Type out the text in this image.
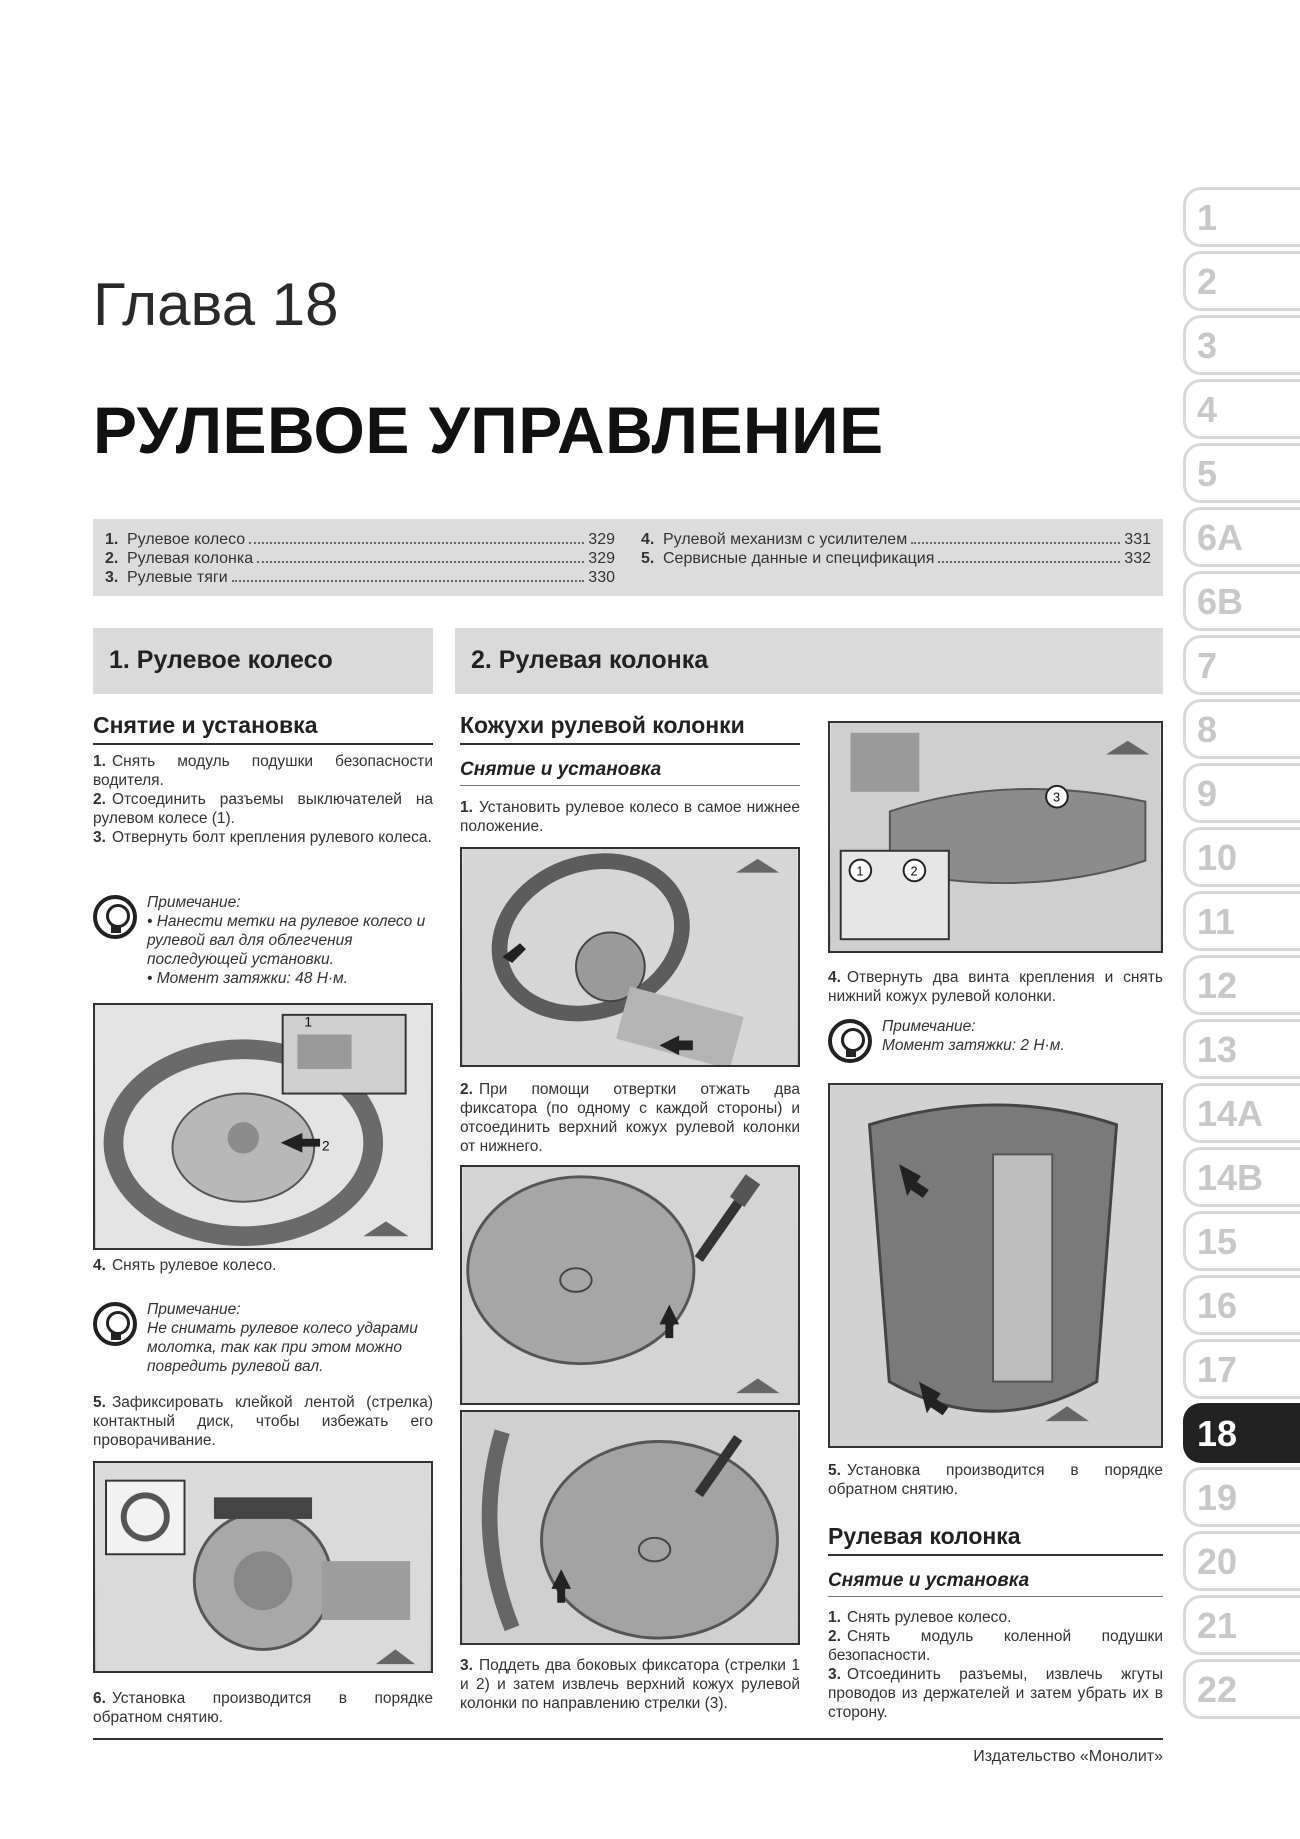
Глава 18
РУЛЕВОЕ УПРАВЛЕНИЕ
1. Рулевое колесо	329
2. Рулевая колонка	329
3. Рулевые тяги	330
4. Рулевой механизм с усилителем	331
5. Сервисные данные и спецификация	332
1. Рулевое колесо	2. Рулевая колонка
Снятие и установка
1. Снять модуль подушки безопасности водителя.
2. Отсоединить разъемы выключателей на рулевом колесе (1).
3. Отвернуть болт крепления рулевого колеса.
Примечание:
• Нанести метки на рулевое колесо и рулевой вал для облегчения последующей установки.
• Момент затяжки: 48 Н·м.
1
2
4. Снять рулевое колесо.
Примечание:
Не снимать рулевое колесо ударами молотка, так как при этом можно повредить рулевой вал.
5. Зафиксировать клейкой лентой (стрелка) контактный диск, чтобы избежать его проворачивание.
6. Установка производится в порядке обратном снятию.
Кожухи рулевой колонки
Снятие и установка
1. Установить рулевое колесо в самое нижнее положение.
2. При помощи отвертки отжать два фиксатора (по одному с каждой стороны) и отсоединить верхний кожух рулевой колонки от нижнего.
3. Поддеть два боковых фиксатора (стрелки 1 и 2) и затем извлечь верхний кожух рулевой колонки по направлению стрелки (3).
1	2
3
4. Отвернуть два винта крепления и снять нижний кожух рулевой колонки.
Примечание:
Момент затяжки: 2 Н·м.
5. Установка производится в порядке обратном снятию.
Рулевая колонка
Снятие и установка
1. Снять рулевое колесо.
2. Снять модуль коленной подушки безопасности.
3. Отсоединить разъемы, извлечь жгуты проводов из держателей и затем убрать их в сторону.
1
2
3
4
5
6A
6B
7
8
9
10
11
12
13
14A
14B
15
16
17
18
19
20
21
22
Издательство «Монолит»
